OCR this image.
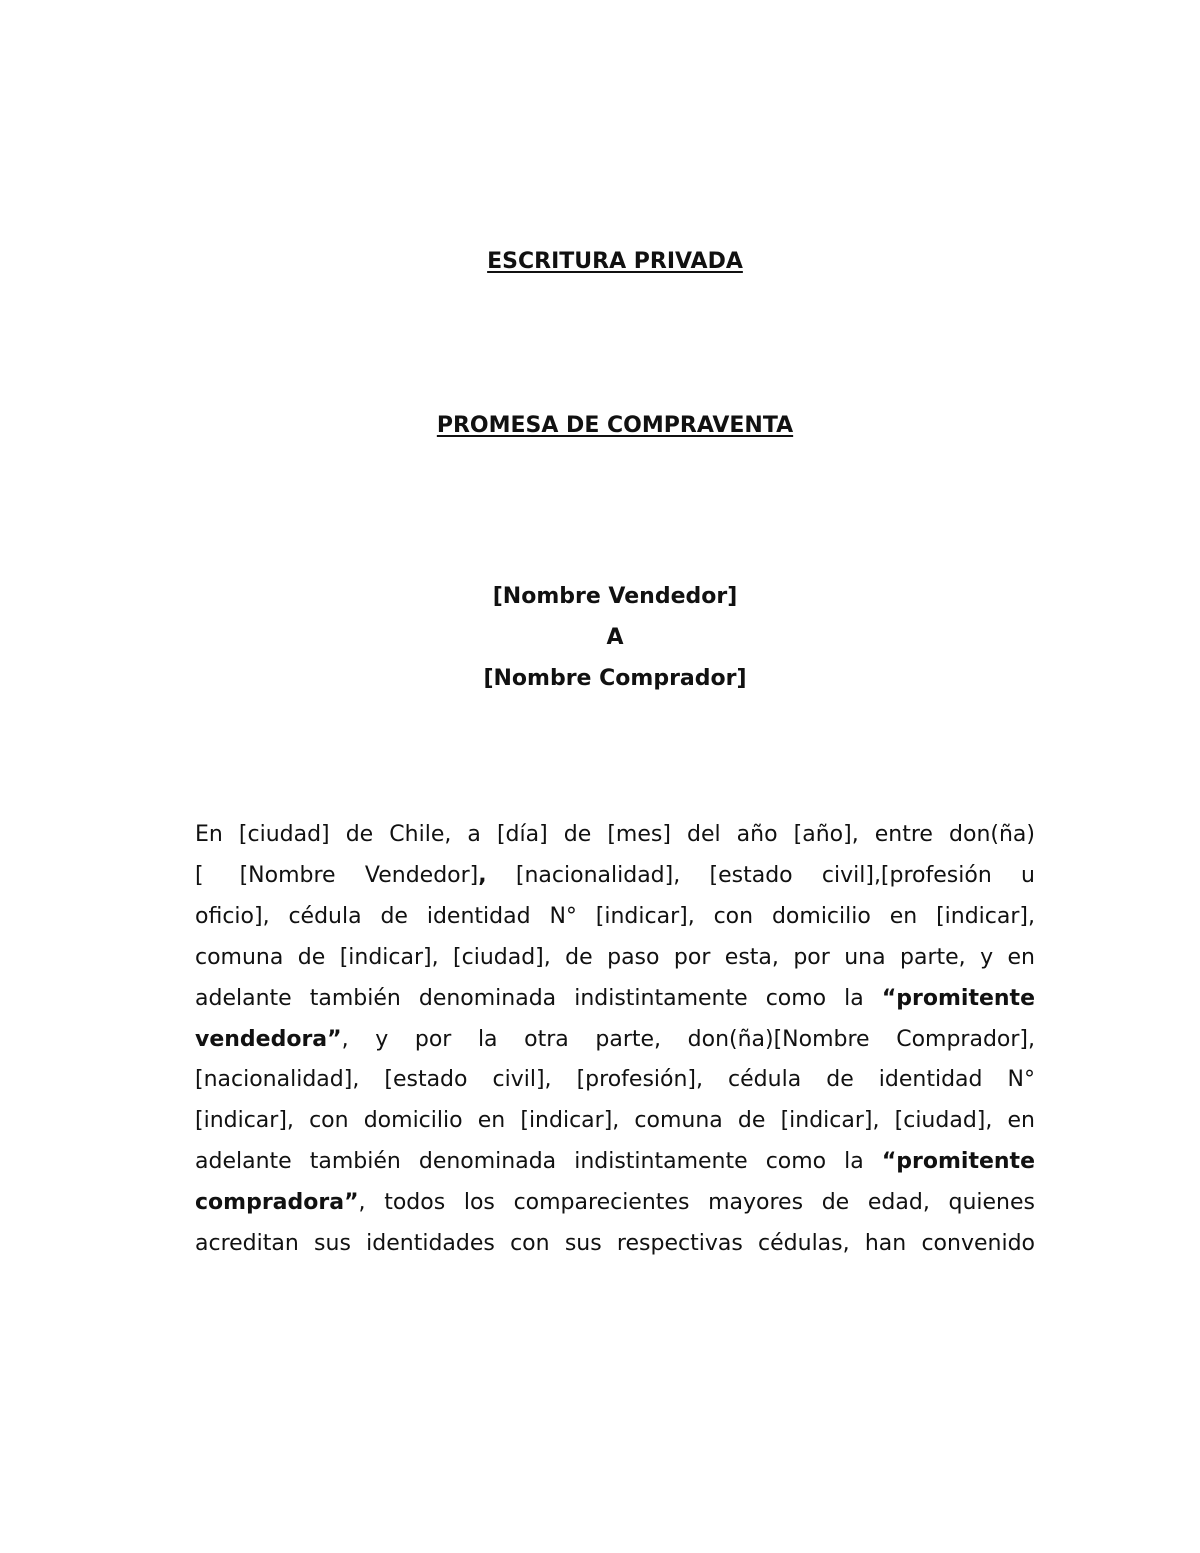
ESCRITURA PRIVADA
PROMESA DE COMPRAVENTA
[Nombre Vendedor]
A
[Nombre Comprador]
En [ciudad] de Chile, a [día] de [mes] del año [año], entre don(ña)
[ [Nombre Vendedor], [nacionalidad], [estado civil],[profesión u
oficio], cédula de identidad N° [indicar], con domicilio en [indicar],
comuna de [indicar], [ciudad], de paso por esta, por una parte, y en
adelante también denominada indistintamente como la “promitente
vendedora”, y por la otra parte, don(ña)[Nombre Comprador],
[nacionalidad], [estado civil], [profesión], cédula de identidad N°
[indicar], con domicilio en [indicar], comuna de [indicar], [ciudad], en
adelante también denominada indistintamente como la “promitente
compradora”, todos los comparecientes mayores de edad, quienes
acreditan sus identidades con sus respectivas cédulas, han convenido
